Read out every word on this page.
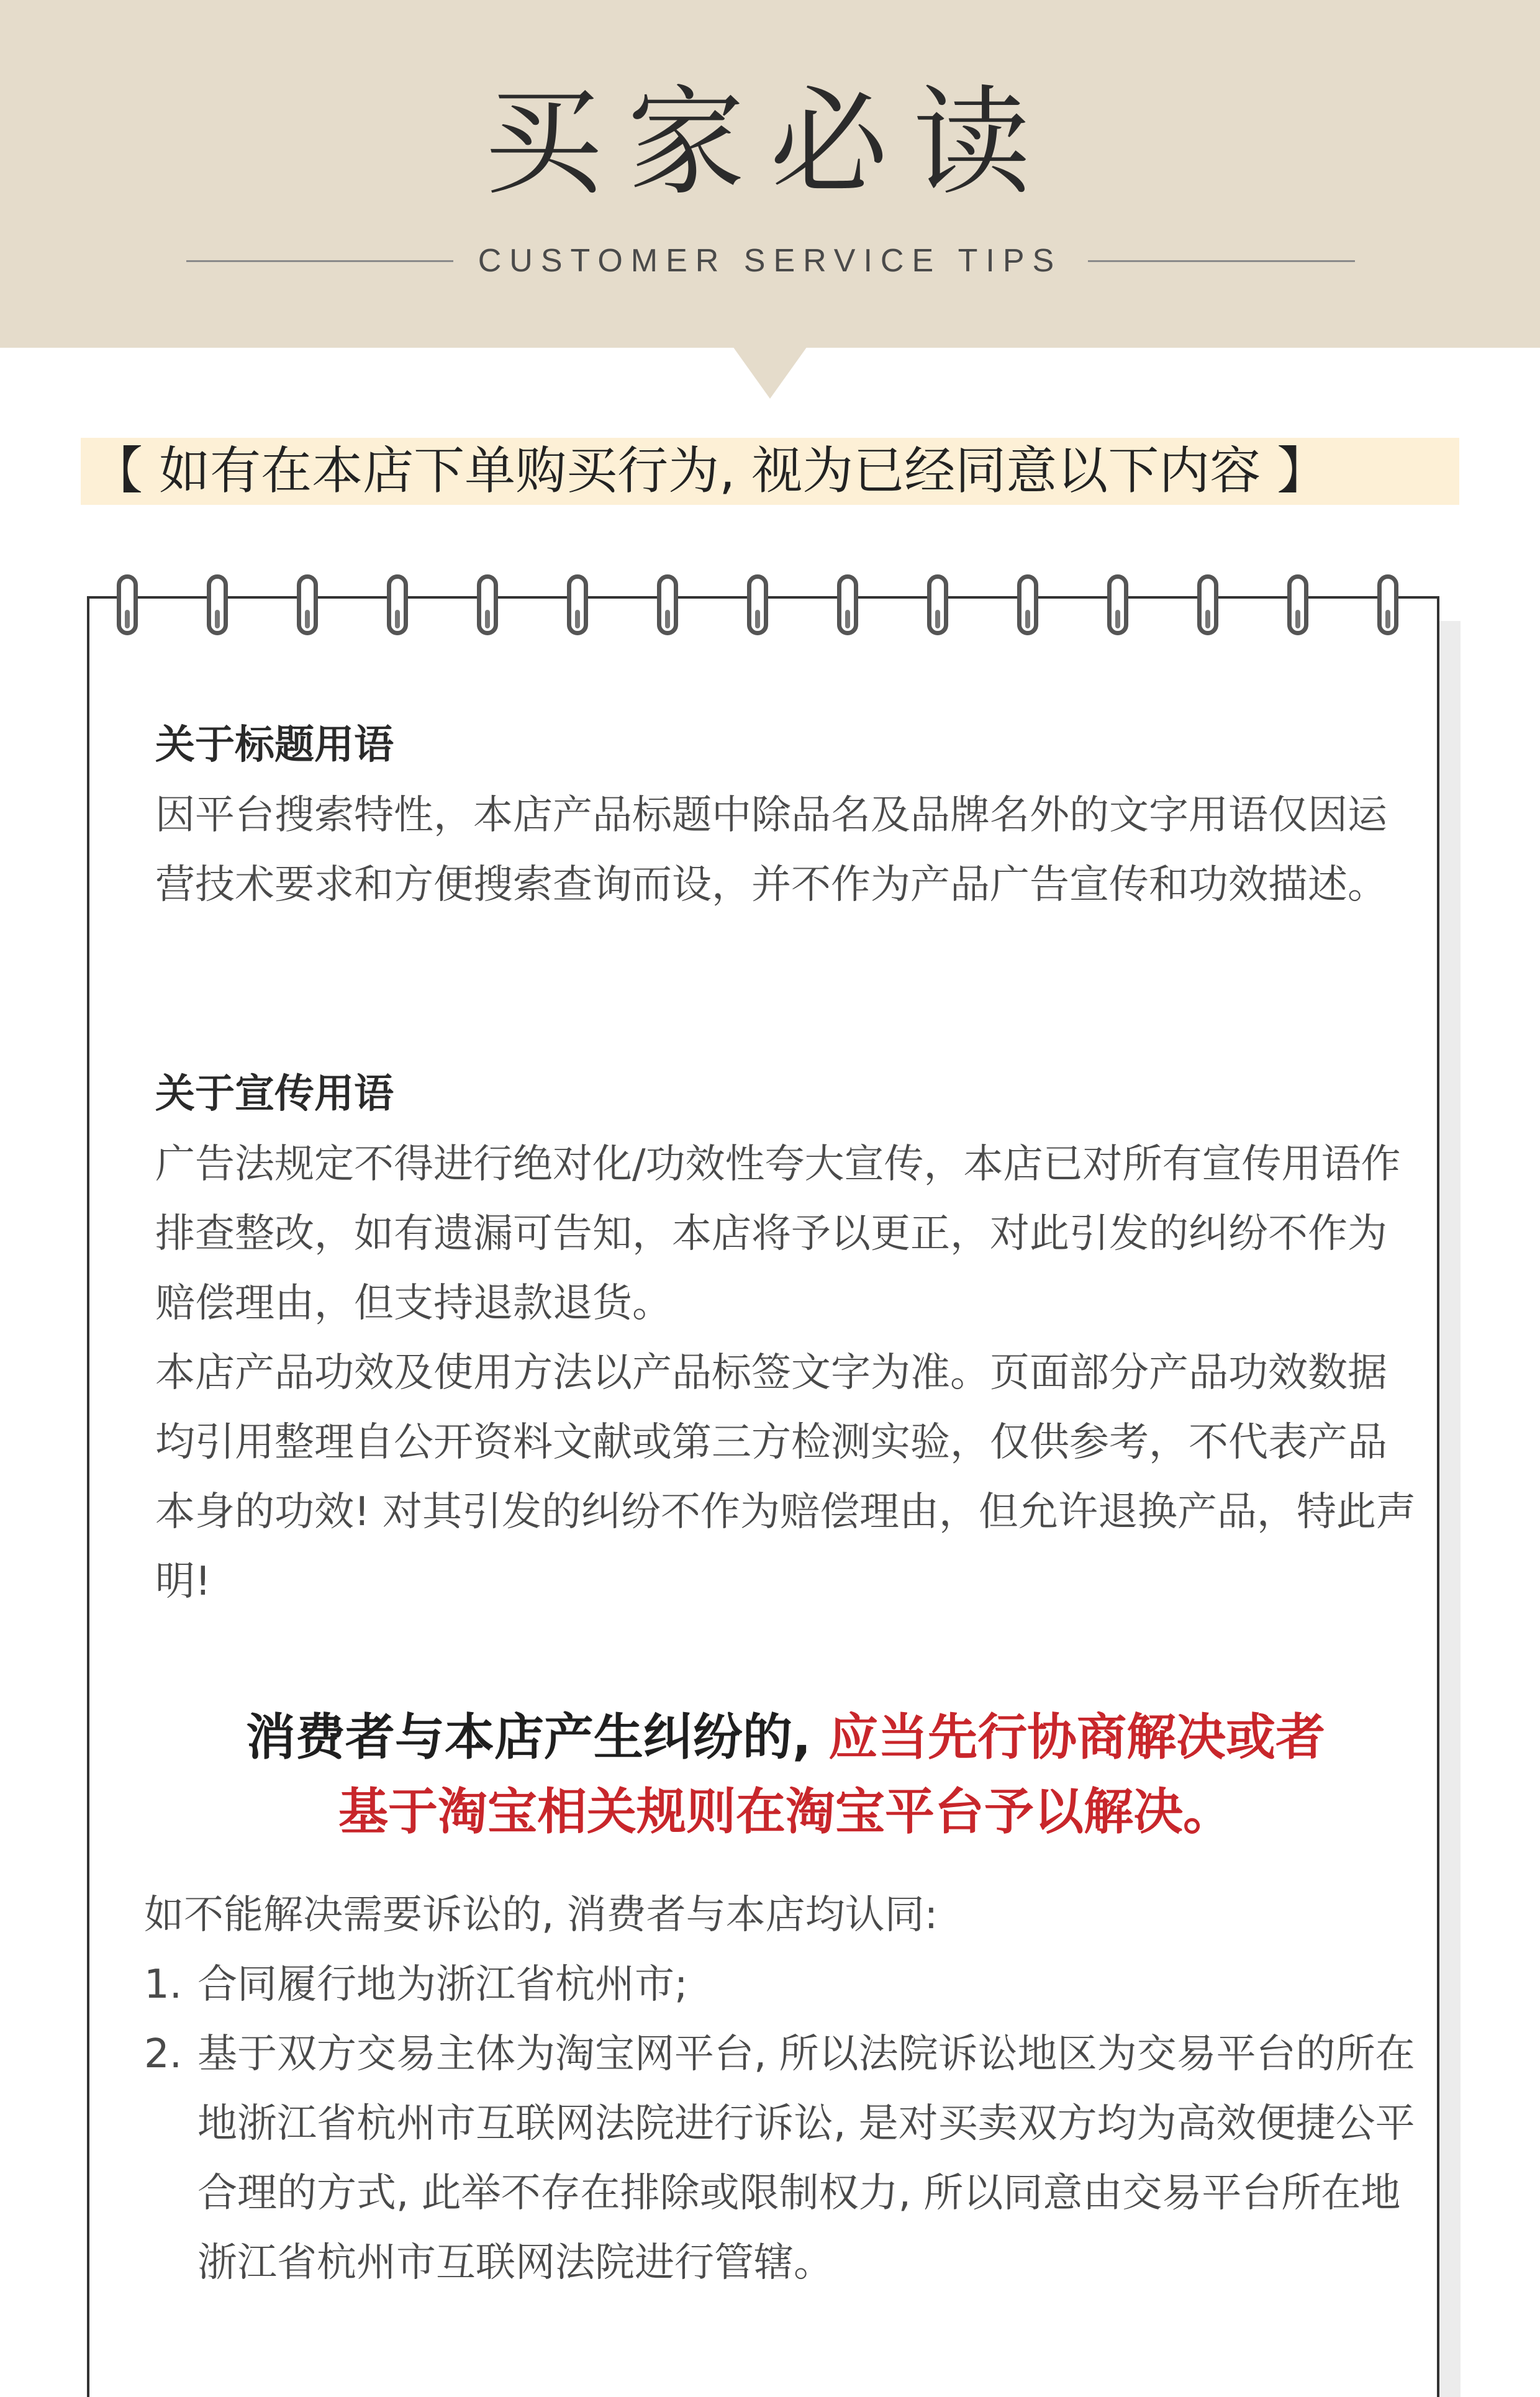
买家必读
CUSTOMER SERVICE TIPS
【 如有在本店下单购买行为, 视为已经同意以下内容 】
关于标题用语

因平台搜索特性，本店产品标题中除品名及品牌名外的文字用语仅因运营技术要求和方便搜索查询而设，并不作为产品广告宣传和功效描述。

关于宣传用语

广告法规定不得进行绝对化/功效性夸大宣传，本店已对所有宣传用语作排查整改，如有遗漏可告知，本店将予以更正，对此引发的纠纷不作为赔偿理由，但支持退款退货。

本店产品功效及使用方法以产品标签文字为准。页面部分产品功效数据均引用整理自公开资料文献或第三方检测实验，仅供参考，不代表产品本身的功效! 对其引发的纠纷不作为赔偿理由，但允许退换产品，特此声明!

消费者与本店产生纠纷的, 应当先行协商解决或者
基于淘宝相关规则在淘宝平台予以解决。

如不能解决需要诉讼的, 消费者与本店均认同:

1. 合同履行地为浙江省杭州市;
2. 基于双方交易主体为淘宝网平台, 所以法院诉讼地区为交易平台的所在地浙江省杭州市互联网法院进行诉讼, 是对买卖双方均为高效便捷公平合理的方式, 此举不存在排除或限制权力, 所以同意由交易平台所在地浙江省杭州市互联网法院进行管辖。
